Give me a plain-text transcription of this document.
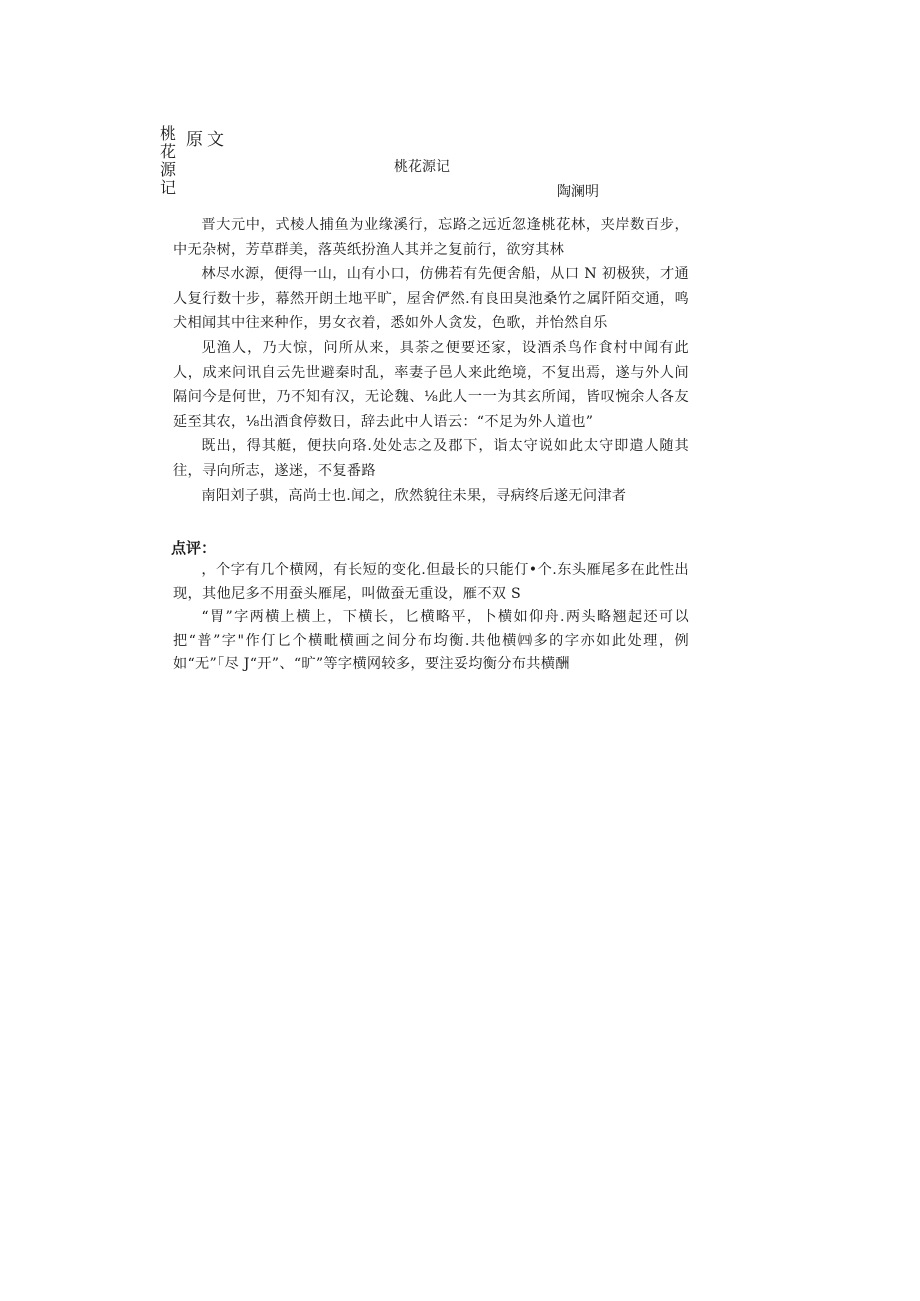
桃花源记
原文
桃花源记
陶澜明

晋大元中，式棱人捕鱼为业缘溪行，忘路之远近忽逢桃花林，夹岸数百步，中无杂树，芳草群美，落英纸扮渔人其并之复前行，欲穷其林

林尽水源，便得一山，山有小口，仿佛若有先便舍船，从口 N 初极狭，才通人复行数十步，幕然开朗土地平旷，屋舍俨然.有良田臭池桑竹之属阡陌交通，鸣犬相闻其中往来种作，男女衣着，悉如外人贪发，色歌，并怡然自乐

见渔人，乃大惊，问所从来，具荼之便要还家，设酒杀鸟作食村中闻有此人，成来问讯自云先世避秦时乱，率妻子邑人来此绝境，不复出焉，遂与外人间隔问今是何世，乃不知有汉，无论魏、⅛此人一一为其玄所闻，皆叹惋余人各友延至其农，⅛出酒食停数日，辞去此中人语云：“不足为外人道也”

既出，得其艇，便扶向珞.处处志之及郡下，诣太守说如此太守即遣人随其往，寻向所志，遂迷，不复番路

南阳刘子骐，高尚士也.闻之，欣然貌往未果，寻病终后遂无问津者

点评：

，个字有几个横网，有长短的变化.但最长的只能仃•个.东头雁尾多在此性出现，其他尼多不用蚕头雁尾，叫做蚕无重设，雁不双 S

“胃”字两横上横上，下横长，匕横略平，卜横如仰舟.两头略翘起还可以把“普”字"作仃匕个横毗横画之间分布均衡.共他横㈣多的字亦如此处理，例如“无”「尽 J“开”、“旷”等字横网较多，要注妥均衡分布共横酬
